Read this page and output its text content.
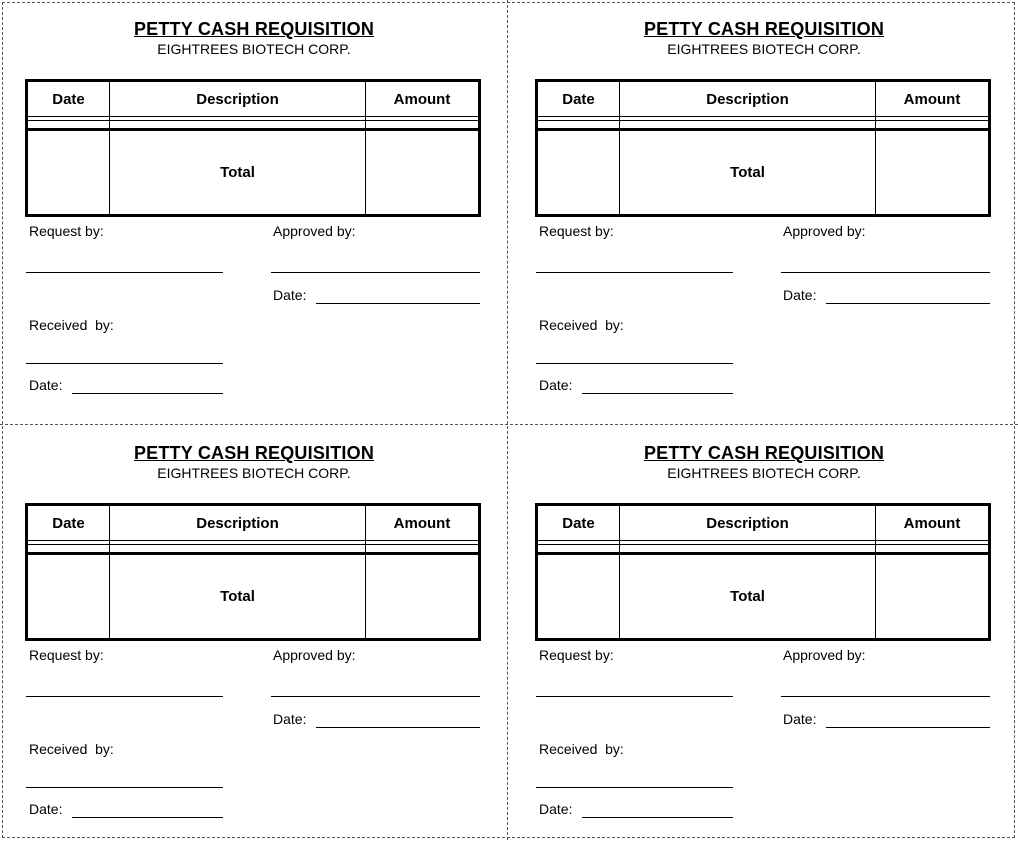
PETTY CASH REQUISITION
EIGHTREES BIOTECH CORP.
Date	Description	Amount

	Total	
Request by:	Approved by:
Date:
Received  by:
Date:
PETTY CASH REQUISITION
EIGHTREES BIOTECH CORP.
Date	Description	Amount

	Total	
Request by:	Approved by:
Date:
Received  by:
Date:
PETTY CASH REQUISITION
EIGHTREES BIOTECH CORP.
Date	Description	Amount

	Total	
Request by:	Approved by:
Date:
Received  by:
Date:
PETTY CASH REQUISITION
EIGHTREES BIOTECH CORP.
Date	Description	Amount

	Total	
Request by:	Approved by:
Date:
Received  by:
Date:
